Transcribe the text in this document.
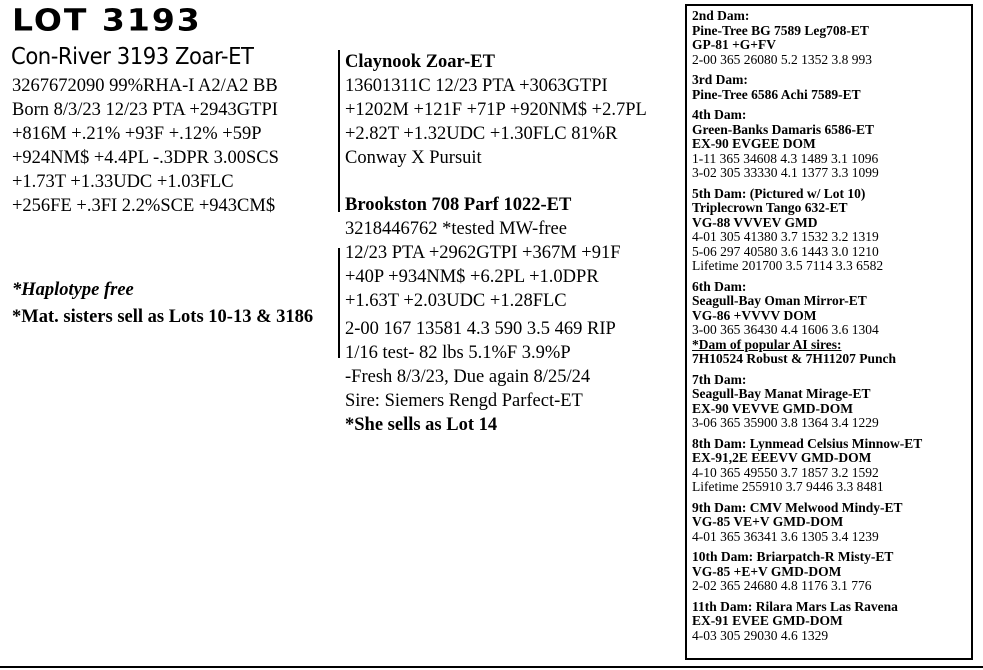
LOT 3193
Con-River 3193 Zoar-ET
3267672090 99%RHA-I A2/A2 BB
Born 8/3/23 12/23 PTA +2943GTPI
+816M +.21% +93F +.12% +59P
+924NM$ +4.4PL -.3DPR 3.00SCS
+1.73T +1.33UDC +1.03FLC
+256FE +.3FI 2.2%SCE +943CM$
*Haplotype free
*Mat. sisters sell as Lots 10-13 & 3186
Claynook Zoar-ET
13601311C 12/23 PTA +3063GTPI
+1202M +121F +71P +920NM$ +2.7PL
+2.82T +1.32UDC +1.30FLC 81%R
Conway X Pursuit
Brookston 708 Parf 1022-ET
3218446762 *tested MW-free
12/23 PTA +2962GTPI +367M +91F
+40P +934NM$ +6.2PL +1.0DPR
+1.63T +2.03UDC +1.28FLC
2-00 167 13581 4.3 590 3.5 469 RIP
1/16 test- 82 lbs 5.1%F 3.9%P
-Fresh 8/3/23, Due again 8/25/24
Sire: Siemers Rengd Parfect-ET
*She sells as Lot 14
2nd Dam:
Pine-Tree BG 7589 Leg708-ET
GP-81 +G+FV
2-00 365 26080 5.2 1352 3.8 993
3rd Dam:
Pine-Tree 6586 Achi 7589-ET
4th Dam:
Green-Banks Damaris 6586-ET
EX-90 EVGEE DOM
1-11 365 34608 4.3 1489 3.1 1096
3-02 305 33330 4.1 1377 3.3 1099
5th Dam: (Pictured w/ Lot 10)
Triplecrown Tango 632-ET
VG-88 VVVEV GMD
4-01 305 41380 3.7 1532 3.2 1319
5-06 297 40580 3.6 1443 3.0 1210
Lifetime 201700 3.5 7114 3.3 6582
6th Dam:
Seagull-Bay Oman Mirror-ET
VG-86 +VVVV DOM
3-00 365 36430 4.4 1606 3.6 1304
*Dam of popular AI sires:
7H10524 Robust & 7H11207 Punch
7th Dam:
Seagull-Bay Manat Mirage-ET
EX-90 VEVVE GMD-DOM
3-06 365 35900 3.8 1364 3.4 1229
8th Dam: Lynmead Celsius Minnow-ET
EX-91,2E EEEVV GMD-DOM
4-10 365 49550 3.7 1857 3.2 1592
Lifetime 255910 3.7 9446 3.3 8481
9th Dam: CMV Melwood Mindy-ET
VG-85 VE+V GMD-DOM
4-01 365 36341 3.6 1305 3.4 1239
10th Dam: Briarpatch-R Misty-ET
VG-85 +E+V GMD-DOM
2-02 365 24680 4.8 1176 3.1 776
11th Dam: Rilara Mars Las Ravena
EX-91 EVEE GMD-DOM
4-03 305 29030 4.6 1329
